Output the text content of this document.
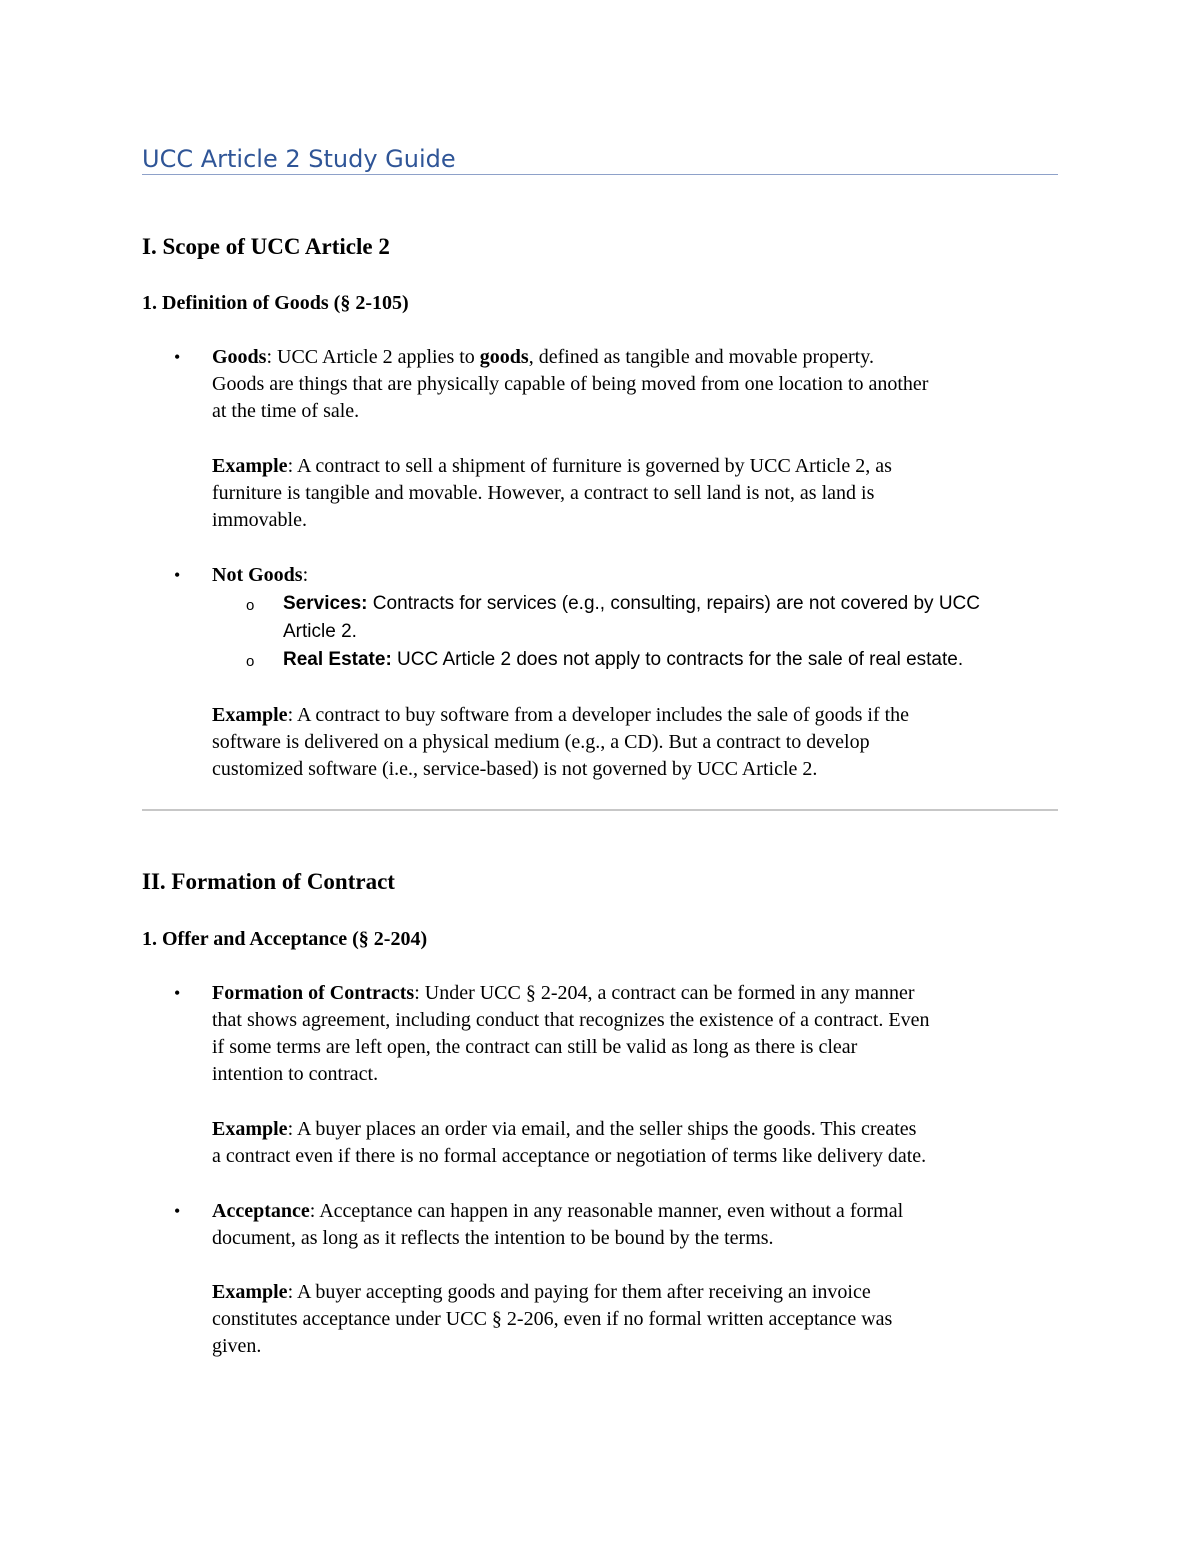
UCC Article 2 Study Guide
I. Scope of UCC Article 2
1. Definition of Goods (§ 2-105)
• Goods: UCC Article 2 applies to goods, defined as tangible and movable property.
Goods are things that are physically capable of being moved from one location to another
at the time of sale.
Example: A contract to sell a shipment of furniture is governed by UCC Article 2, as
furniture is tangible and movable. However, a contract to sell land is not, as land is
immovable.
• Not Goods:
o Services: Contracts for services (e.g., consulting, repairs) are not covered by UCC
Article 2.
o Real Estate: UCC Article 2 does not apply to contracts for the sale of real estate.
Example: A contract to buy software from a developer includes the sale of goods if the
software is delivered on a physical medium (e.g., a CD). But a contract to develop
customized software (i.e., service-based) is not governed by UCC Article 2.
II. Formation of Contract
1. Offer and Acceptance (§ 2-204)
• Formation of Contracts: Under UCC § 2-204, a contract can be formed in any manner
that shows agreement, including conduct that recognizes the existence of a contract. Even
if some terms are left open, the contract can still be valid as long as there is clear
intention to contract.
Example: A buyer places an order via email, and the seller ships the goods. This creates
a contract even if there is no formal acceptance or negotiation of terms like delivery date.
• Acceptance: Acceptance can happen in any reasonable manner, even without a formal
document, as long as it reflects the intention to be bound by the terms.
Example: A buyer accepting goods and paying for them after receiving an invoice
constitutes acceptance under UCC § 2-206, even if no formal written acceptance was
given.
